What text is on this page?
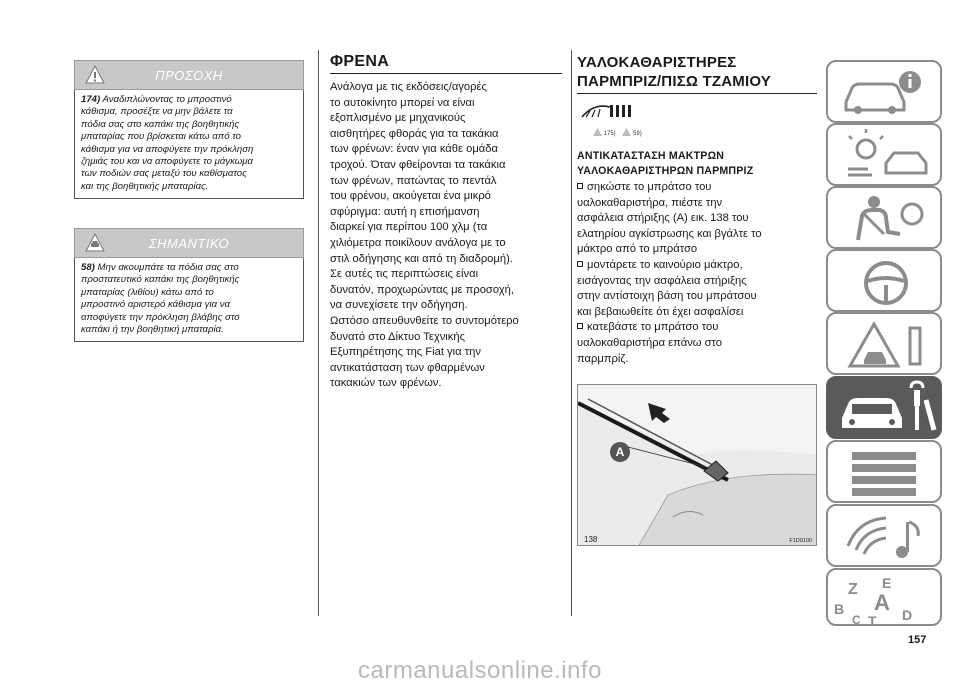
ΠΡΟΣΟΧΗ
174) Αναδιπλώνοντας το μπροστινό
κάθισμα, προσέξτε να μην βάλετε τα
πόδια σας στο καπάκι της βοηθητικής
μπαταρίας που βρίσκεται κάτω από το
κάθισμα για να αποφύγετε την πρόκληση
ζημιάς του και να αποφύγετε το μάγκωμα
των ποδιών σας μεταξύ του καθίσματος
και της βοηθητικής μπαταρίας.
ΣΗΜΑΝΤΙΚΟ
58) Μην ακουμπάτε τα πόδια σας στο
προστατευτικό καπάκι της βοηθητικής
μπαταρίας (λιθίου) κάτω από το
μπροστινό αριστερό κάθισμα για να
αποφύγετε την πρόκληση βλάβης στο
καπάκι ή την βοηθητική μπαταρία.
ΦΡΕΝΑ
Ανάλογα με τις εκδόσεις/αγορές
το αυτοκίνητο μπορεί να είναι
εξοπλισμένο με μηχανικούς
αισθητήρες φθοράς για τα τακάκια
των φρένων: έναν για κάθε ομάδα
τροχού. Όταν φθείρονται τα τακάκια
των φρένων, πατώντας το πεντάλ
του φρένου, ακούγεται ένα μικρό
σφύριγμα: αυτή η επισήμανση
διαρκεί για περίπου 100 χλμ (τα
χιλιόμετρα ποικίλουν ανάλογα με το
στιλ οδήγησης και από τη διαδρομή).
Σε αυτές τις περιπτώσεις είναι
δυνατόν, προχωρώντας με προσοχή,
να συνεχίσετε την οδήγηση.
Ωστόσο απευθυνθείτε το συντομότερο
δυνατό στο Δίκτυο Τεχνικής
Εξυπηρέτησης της Fiat για την
αντικατάσταση των φθαρμένων
τακακιών των φρένων.
ΥΑΛΟΚΑΘΑΡΙΣΤΗΡΕΣ
ΠΑΡΜΠΡΙΖ/ΠΙΣΩ ΤΖΑΜΙΟΥ
175)	59)
ΑΝΤΙΚΑΤΑΣΤΑΣΗ ΜΑΚΤΡΩΝ
ΥΑΛΟΚΑΘΑΡΙΣΤΗΡΩΝ ΠΑΡΜΠΡΙΖ
σηκώστε το μπράτσο του
υαλοκαθαριστήρα, πιέστε την
ασφάλεια στήριξης (A) εικ. 138 του
ελατηρίου αγκίστρωσης και βγάλτε το
μάκτρο από το μπράτσο
μοντάρετε το καινούριο μάκτρο,
εισάγοντας την ασφάλεια στήριξης
στην αντίστοιχη βάση του μπράτσου
και βεβαιωθείτε ότι έχει ασφαλίσει
κατεβάστε το μπράτσο του
υαλοκαθαριστήρα επάνω στο
παρμπρίζ.
A
138	F1D0100
Z E
A
B
C T D
157
carmanualsonline.info
